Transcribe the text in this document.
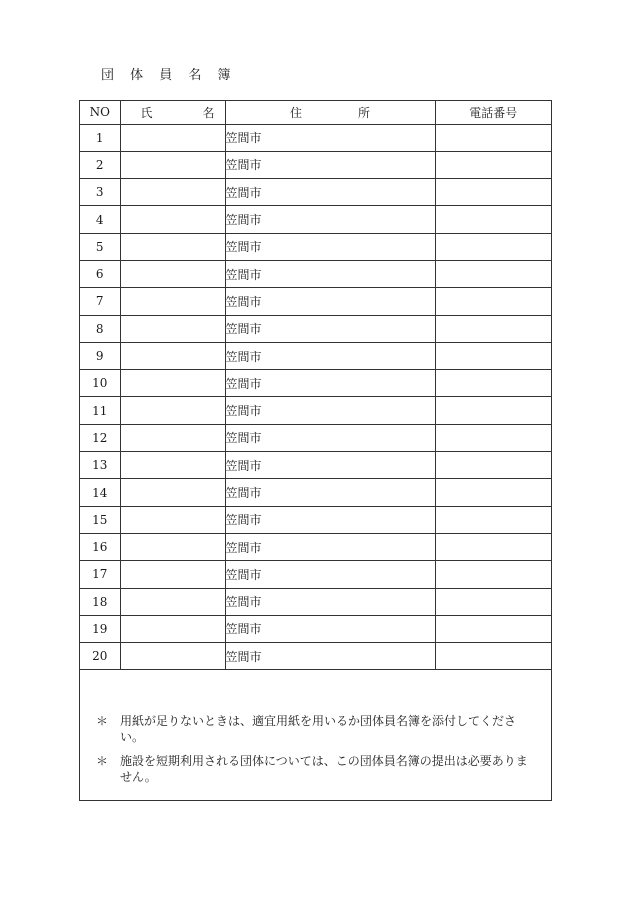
団 体 員 名 簿
NO	氏 名	住 所	電話番号
1		笠間市	
2		笠間市	
3		笠間市	
4		笠間市	
5		笠間市	
6		笠間市	
7		笠間市	
8		笠間市	
9		笠間市	
10		笠間市	
11		笠間市	
12		笠間市	
13		笠間市	
14		笠間市	
15		笠間市	
16		笠間市	
17		笠間市	
18		笠間市	
19		笠間市	
20		笠間市	
＊ 用紙が足りないときは、適宜用紙を用いるか団体員名簿を添付してください。
＊ 施設を短期利用される団体については、この団体員名簿の提出は必要ありません。
